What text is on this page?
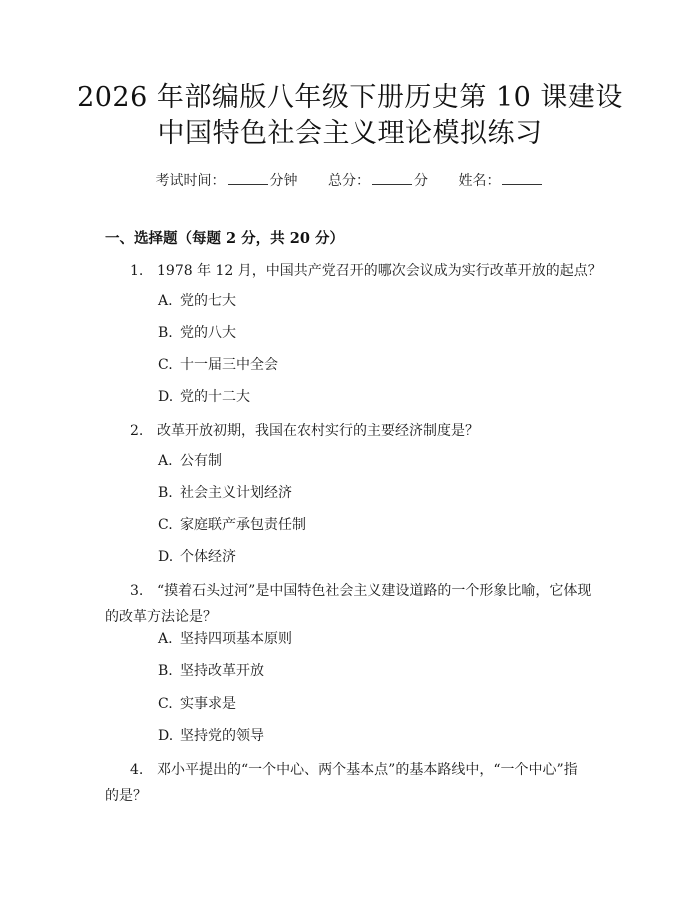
2026 年部编版八年级下册历史第 10 课建设
中国特色社会主义理论模拟练习
考试时间：	分钟 总分：	分 姓名：
一、选择题（每题 2 分，共 20 分）
1. 1978 年 12 月，中国共产党召开的哪次会议成为实行改革开放的起点？
A. 党的七大
B. 党的八大
C. 十一届三中全会
D. 党的十二大
2. 改革开放初期，我国在农村实行的主要经济制度是？
A. 公有制
B. 社会主义计划经济
C. 家庭联产承包责任制
D. 个体经济
3. “摸着石头过河”是中国特色社会主义建设道路的一个形象比喻，它体现
的改革方法论是？
A. 坚持四项基本原则
B. 坚持改革开放
C. 实事求是
D. 坚持党的领导
4. 邓小平提出的“一个中心、两个基本点”的基本路线中，“一个中心”指
的是？
